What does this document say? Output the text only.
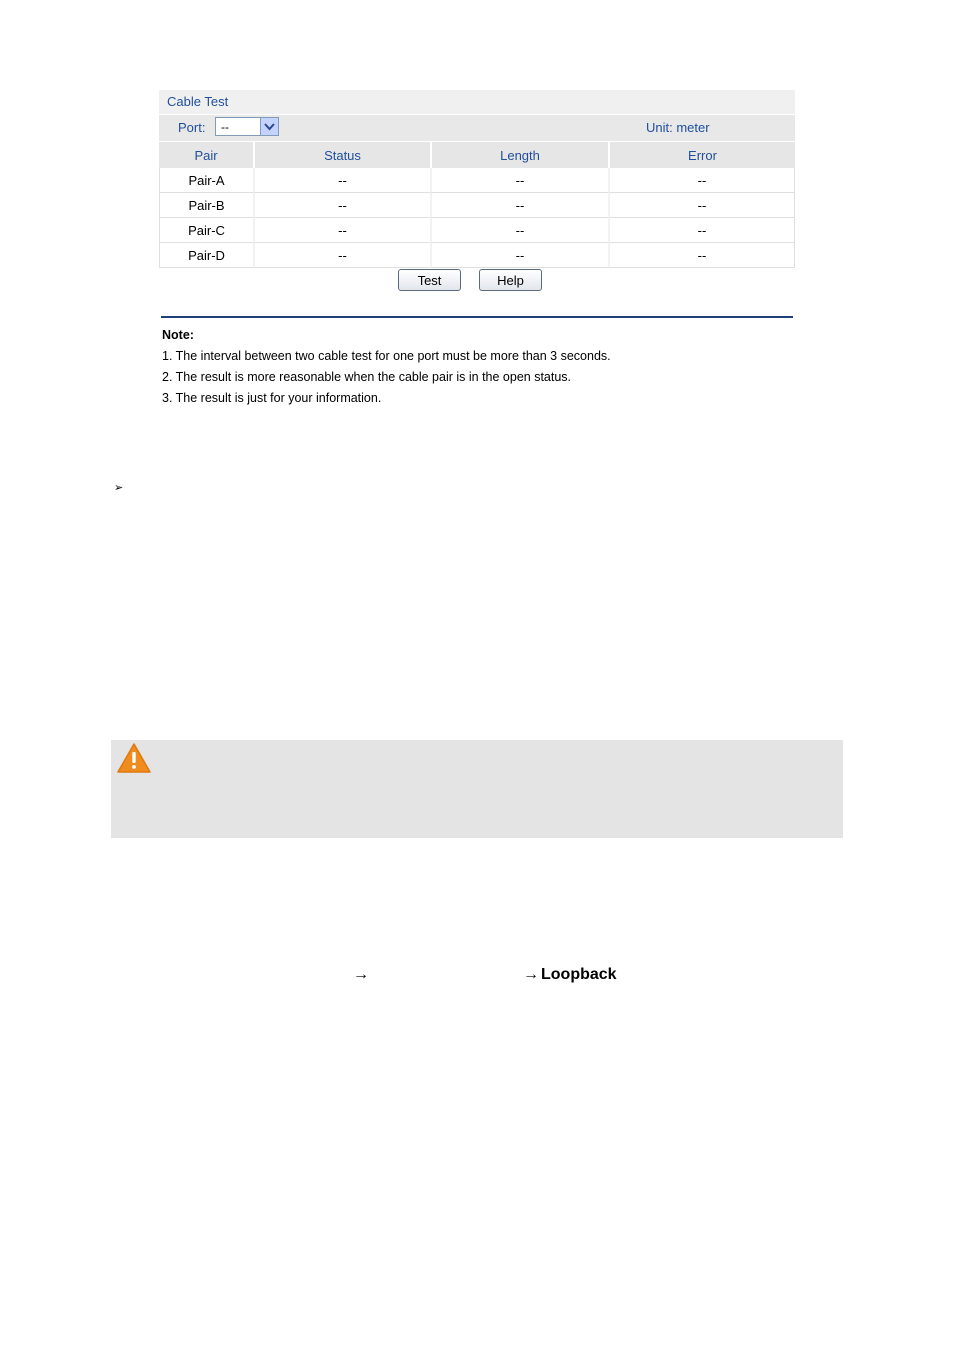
Cable Test
Port: --	Unit: meter
Pair	Status	Length	Error
Pair-A	--	--	--
Pair-B	--	--	--
Pair-C	--	--	--
Pair-D	--	--	--
Test	Help
Note:
1. The interval between two cable test for one port must be more than 3 seconds.
2. The result is more reasonable when the cable pair is in the open status.
3. The result is just for your information.
➢
→	→ Loopback
